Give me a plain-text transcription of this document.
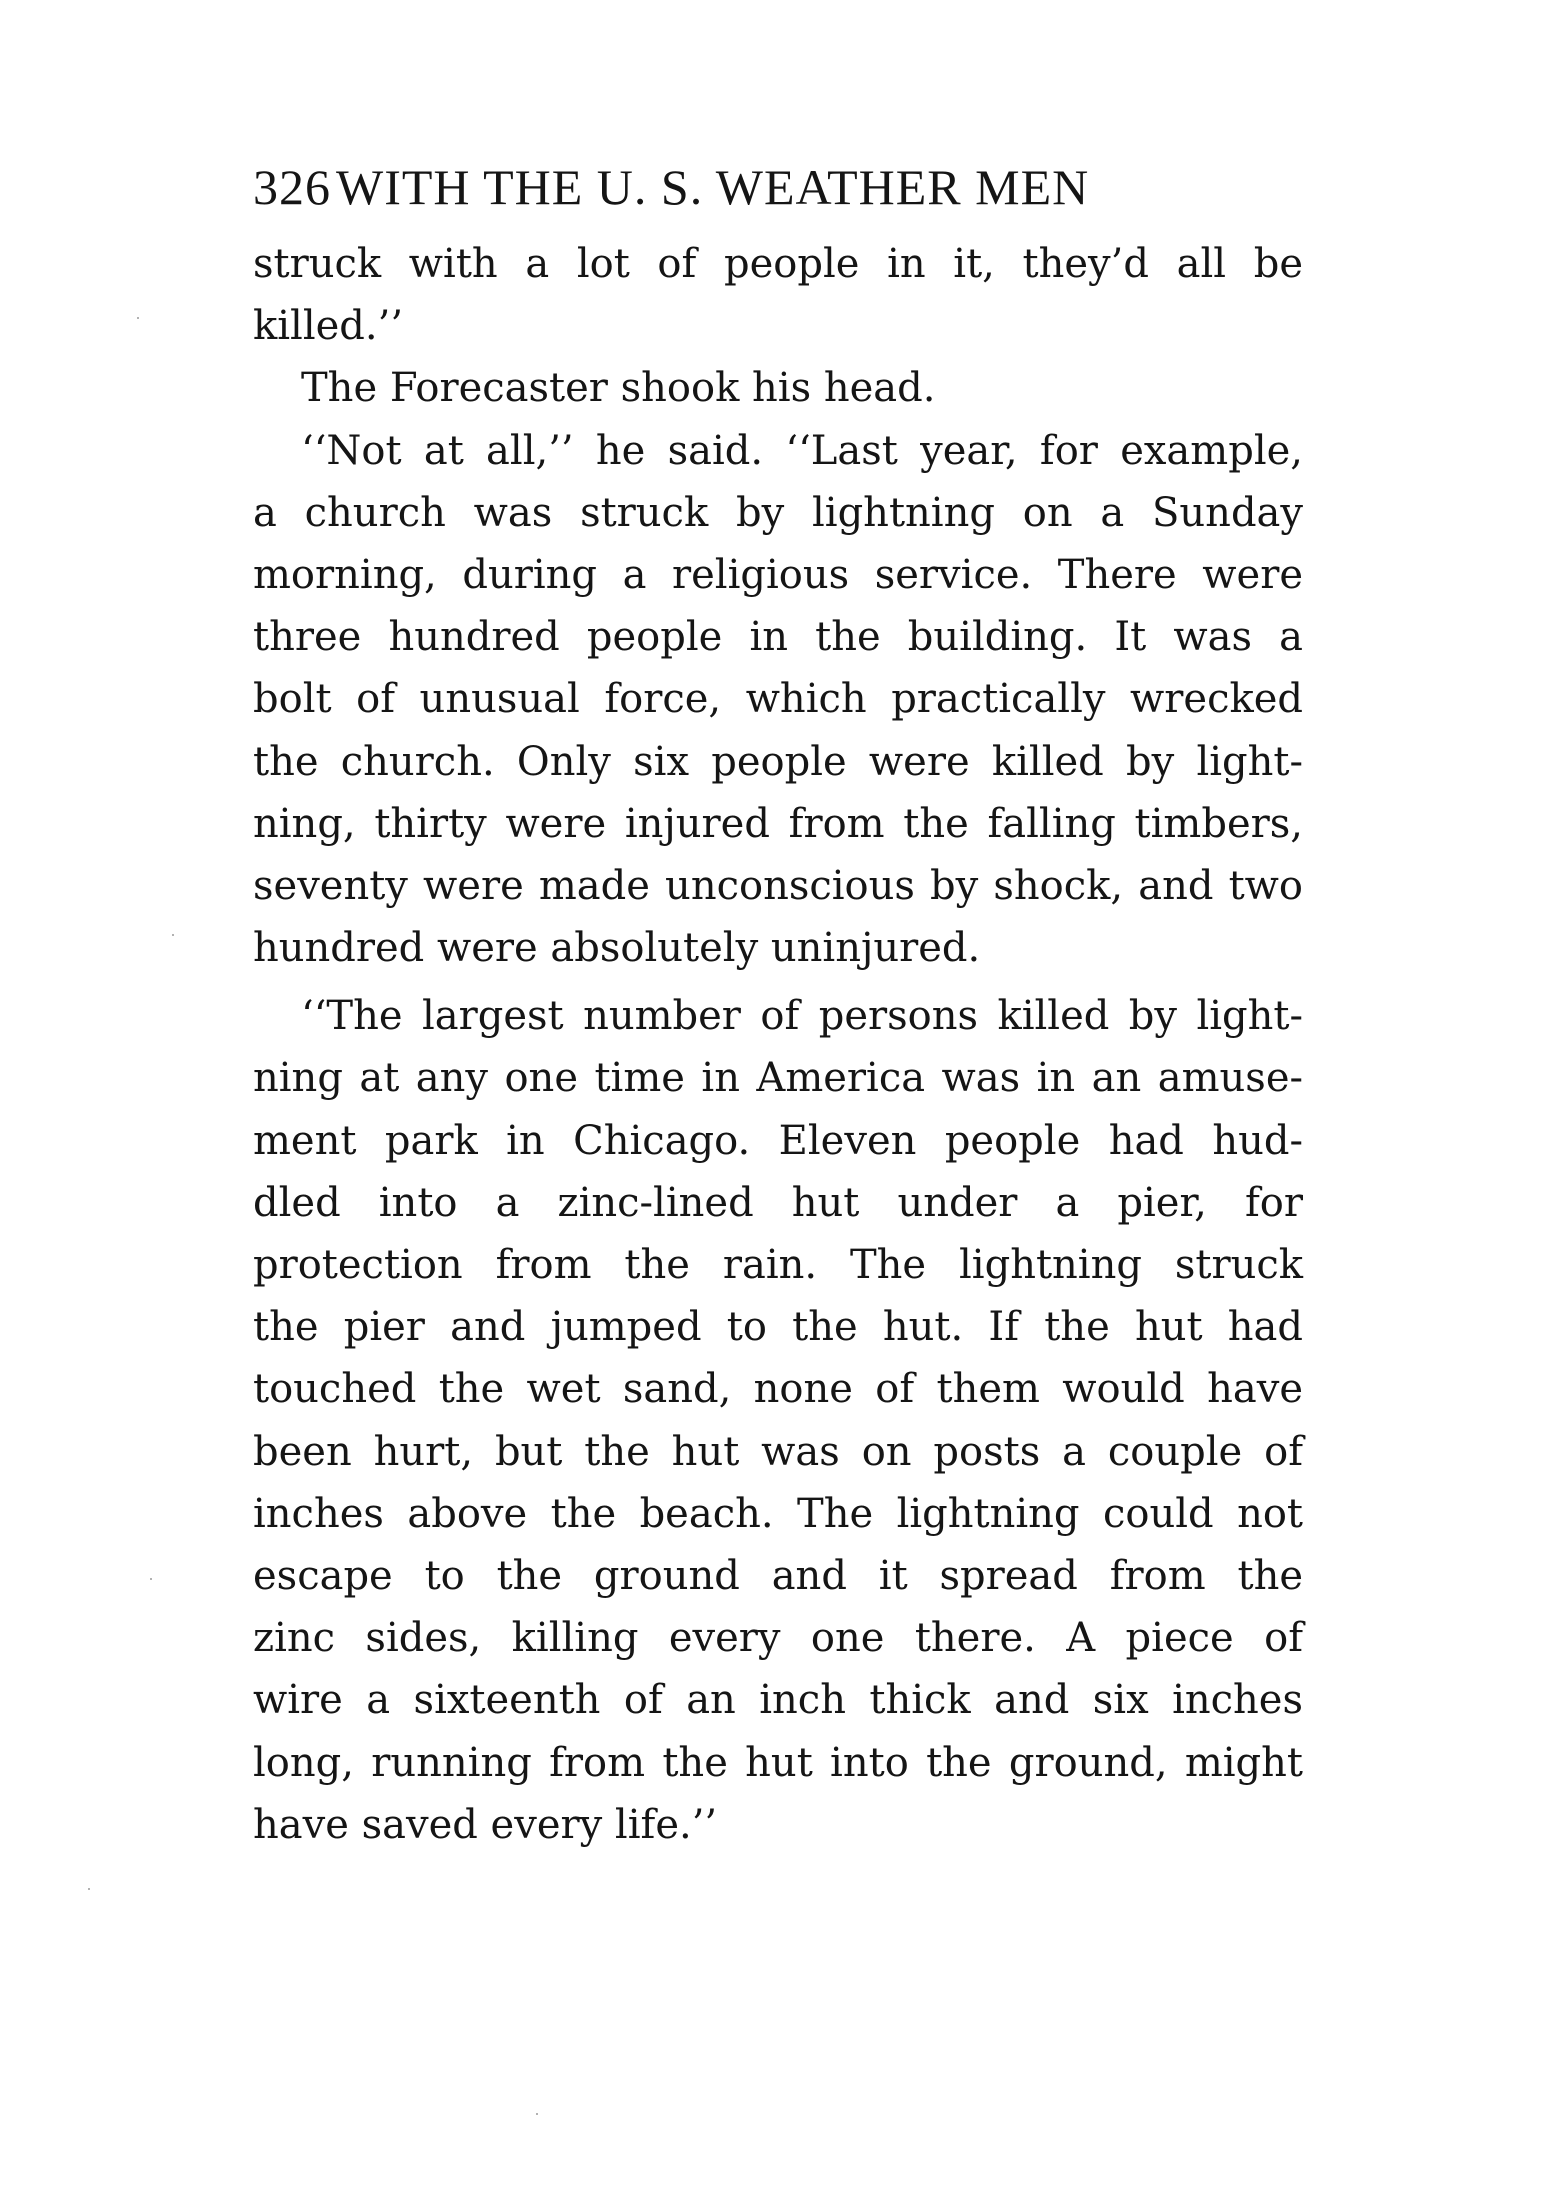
326 WITH THE U. S. WEATHER MEN
struck with a lot of people in it, they’d all be
killed.’’
The Forecaster shook his head.
‘‘Not at all,’’ he said. ‘‘Last year, for example,
a church was struck by lightning on a Sunday
morning, during a religious service. There were
three hundred people in the building. It was a
bolt of unusual force, which practically wrecked
the church. Only six people were killed by light-
ning, thirty were injured from the falling timbers,
seventy were made unconscious by shock, and two
hundred were absolutely uninjured.
‘‘The largest number of persons killed by light-
ning at any one time in America was in an amuse-
ment park in Chicago. Eleven people had hud-
dled into a zinc-lined hut under a pier, for
protection from the rain. The lightning struck
the pier and jumped to the hut. If the hut had
touched the wet sand, none of them would have
been hurt, but the hut was on posts a couple of
inches above the beach. The lightning could not
escape to the ground and it spread from the
zinc sides, killing every one there. A piece of
wire a sixteenth of an inch thick and six inches
long, running from the hut into the ground, might
have saved every life.’’
